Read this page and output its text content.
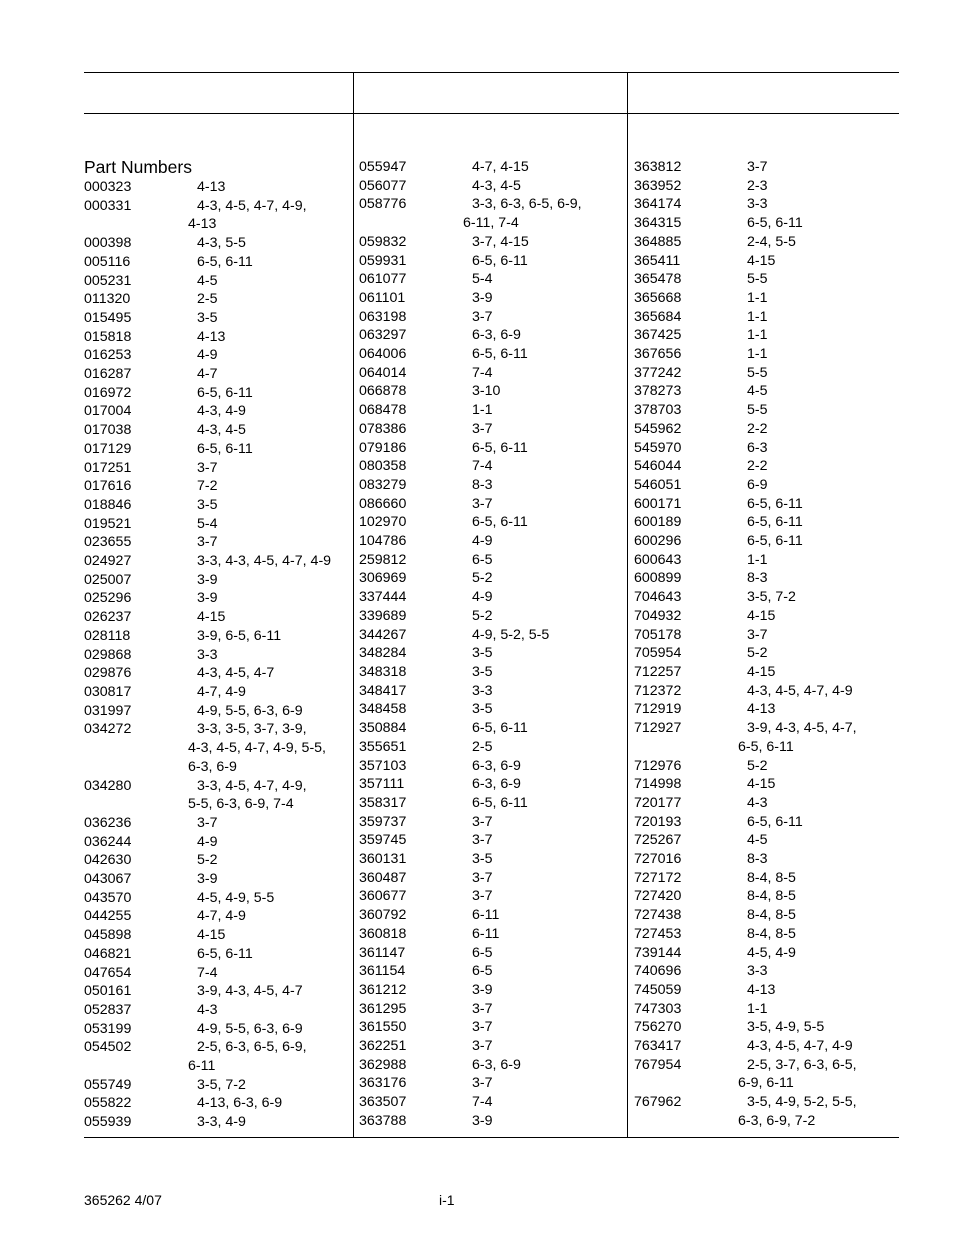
Part Numbers
000323	4-13
000331	4-3, 4-5, 4-7, 4-9,
4-13
000398	4-3, 5-5
005116	6-5, 6-11
005231	4-5
011320	2-5
015495	3-5
015818	4-13
016253	4-9
016287	4-7
016972	6-5, 6-11
017004	4-3, 4-9
017038	4-3, 4-5
017129	6-5, 6-11
017251	3-7
017616	7-2
018846	3-5
019521	5-4
023655	3-7
024927	3-3, 4-3, 4-5, 4-7, 4-9
025007	3-9
025296	3-9
026237	4-15
028118	3-9, 6-5, 6-11
029868	3-3
029876	4-3, 4-5, 4-7
030817	4-7, 4-9
031997	4-9, 5-5, 6-3, 6-9
034272	3-3, 3-5, 3-7, 3-9,
4-3, 4-5, 4-7, 4-9, 5-5,
6-3, 6-9
034280	3-3, 4-5, 4-7, 4-9,
5-5, 6-3, 6-9, 7-4
036236	3-7
036244	4-9
042630	5-2
043067	3-9
043570	4-5, 4-9, 5-5
044255	4-7, 4-9
045898	4-15
046821	6-5, 6-11
047654	7-4
050161	3-9, 4-3, 4-5, 4-7
052837	4-3
053199	4-9, 5-5, 6-3, 6-9
054502	2-5, 6-3, 6-5, 6-9,
6-11
055749	3-5, 7-2
055822	4-13, 6-3, 6-9
055939	3-3, 4-9
055947	4-7, 4-15
056077	4-3, 4-5
058776	3-3, 6-3, 6-5, 6-9,
6-11, 7-4
059832	3-7, 4-15
059931	6-5, 6-11
061077	5-4
061101	3-9
063198	3-7
063297	6-3, 6-9
064006	6-5, 6-11
064014	7-4
066878	3-10
068478	1-1
078386	3-7
079186	6-5, 6-11
080358	7-4
083279	8-3
086660	3-7
102970	6-5, 6-11
104786	4-9
259812	6-5
306969	5-2
337444	4-9
339689	5-2
344267	4-9, 5-2, 5-5
348284	3-5
348318	3-5
348417	3-3
348458	3-5
350884	6-5, 6-11
355651	2-5
357103	6-3, 6-9
357111	6-3, 6-9
358317	6-5, 6-11
359737	3-7
359745	3-7
360131	3-5
360487	3-7
360677	3-7
360792	6-11
360818	6-11
361147	6-5
361154	6-5
361212	3-9
361295	3-7
361550	3-7
362251	3-7
362988	6-3, 6-9
363176	3-7
363507	7-4
363788	3-9
363812	3-7
363952	2-3
364174	3-3
364315	6-5, 6-11
364885	2-4, 5-5
365411	4-15
365478	5-5
365668	1-1
365684	1-1
367425	1-1
367656	1-1
377242	5-5
378273	4-5
378703	5-5
545962	2-2
545970	6-3
546044	2-2
546051	6-9
600171	6-5, 6-11
600189	6-5, 6-11
600296	6-5, 6-11
600643	1-1
600899	8-3
704643	3-5, 7-2
704932	4-15
705178	3-7
705954	5-2
712257	4-15
712372	4-3, 4-5, 4-7, 4-9
712919	4-13
712927	3-9, 4-3, 4-5, 4-7,
6-5, 6-11
712976	5-2
714998	4-15
720177	4-3
720193	6-5, 6-11
725267	4-5
727016	8-3
727172	8-4, 8-5
727420	8-4, 8-5
727438	8-4, 8-5
727453	8-4, 8-5
739144	4-5, 4-9
740696	3-3
745059	4-13
747303	1-1
756270	3-5, 4-9, 5-5
763417	4-3, 4-5, 4-7, 4-9
767954	2-5, 3-7, 6-3, 6-5,
6-9, 6-11
767962	3-5, 4-9, 5-2, 5-5,
6-3, 6-9, 7-2
365262 4/07	i-1
